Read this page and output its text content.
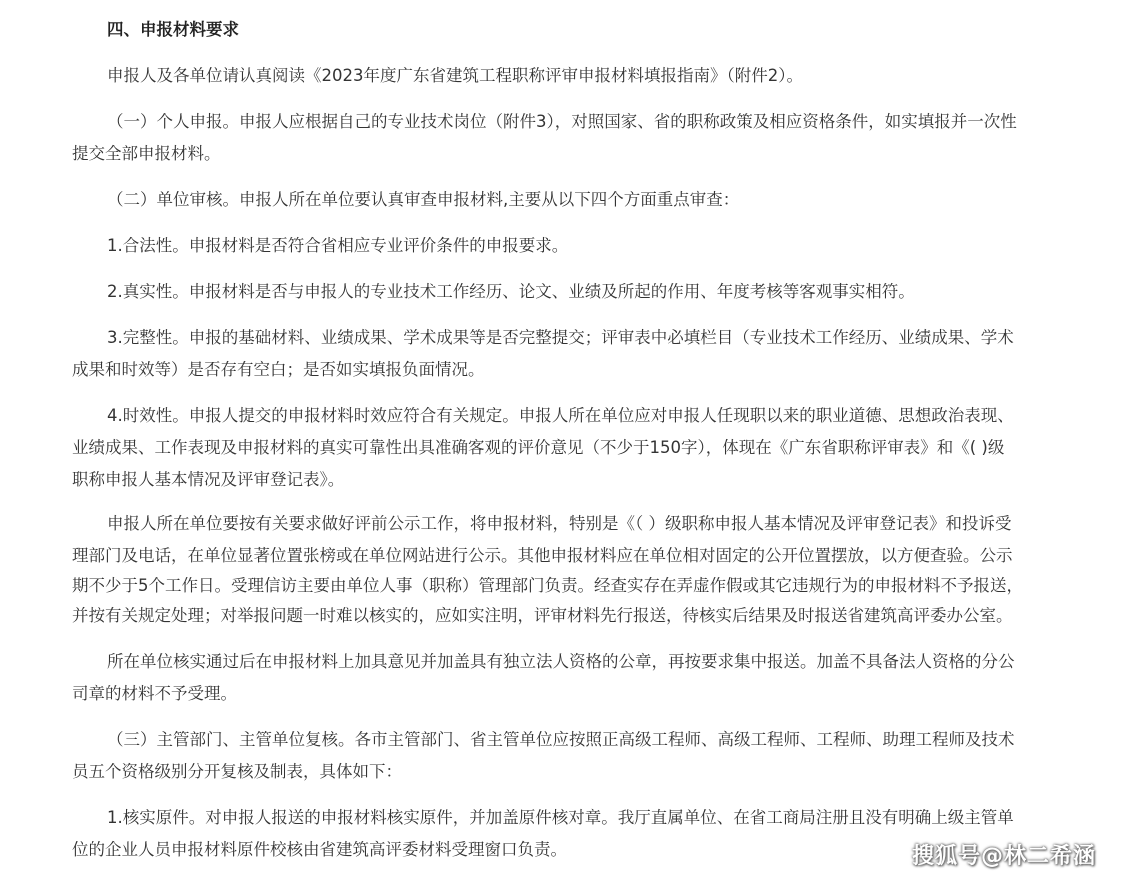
四、申报材料要求

申报人及各单位请认真阅读《2023年度广东省建筑工程职称评审申报材料填报指南》（附件2）。

（一）个人申报。申报人应根据自己的专业技术岗位（附件3），对照国家、省的职称政策及相应资格条件，如实填报并一次性

提交全部申报材料。

（二）单位审核。申报人所在单位要认真审查申报材料,主要从以下四个方面重点审查：

1.合法性。申报材料是否符合省相应专业评价条件的申报要求。

2.真实性。申报材料是否与申报人的专业技术工作经历、论文、业绩及所起的作用、年度考核等客观事实相符。

3.完整性。申报的基础材料、业绩成果、学术成果等是否完整提交；评审表中必填栏目（专业技术工作经历、业绩成果、学术

成果和时效等）是否存有空白；是否如实填报负面情况。

4.时效性。申报人提交的申报材料时效应符合有关规定。申报人所在单位应对申报人任现职以来的职业道德、思想政治表现、

业绩成果、工作表现及申报材料的真实可靠性出具准确客观的评价意见（不少于150字），体现在《广东省职称评审表》和《( )级

职称申报人基本情况及评审登记表》。

申报人所在单位要按有关要求做好评前公示工作，将申报材料，特别是《（ ）级职称申报人基本情况及评审登记表》和投诉受

理部门及电话，在单位显著位置张榜或在单位网站进行公示。其他申报材料应在单位相对固定的公开位置摆放，以方便查验。公示

期不少于5个工作日。受理信访主要由单位人事（职称）管理部门负责。经查实存在弄虚作假或其它违规行为的申报材料不予报送，

并按有关规定处理；对举报问题一时难以核实的，应如实注明，评审材料先行报送，待核实后结果及时报送省建筑高评委办公室。

所在单位核实通过后在申报材料上加具意见并加盖具有独立法人资格的公章，再按要求集中报送。加盖不具备法人资格的分公

司章的材料不予受理。

（三）主管部门、主管单位复核。各市主管部门、省主管单位应按照正高级工程师、高级工程师、工程师、助理工程师及技术

员五个资格级别分开复核及制表，具体如下：

1.核实原件。对申报人报送的申报材料核实原件，并加盖原件核对章。我厅直属单位、在省工商局注册且没有明确上级主管单

位的企业人员申报材料原件校核由省建筑高评委材料受理窗口负责。	搜狐号@林二希涵
